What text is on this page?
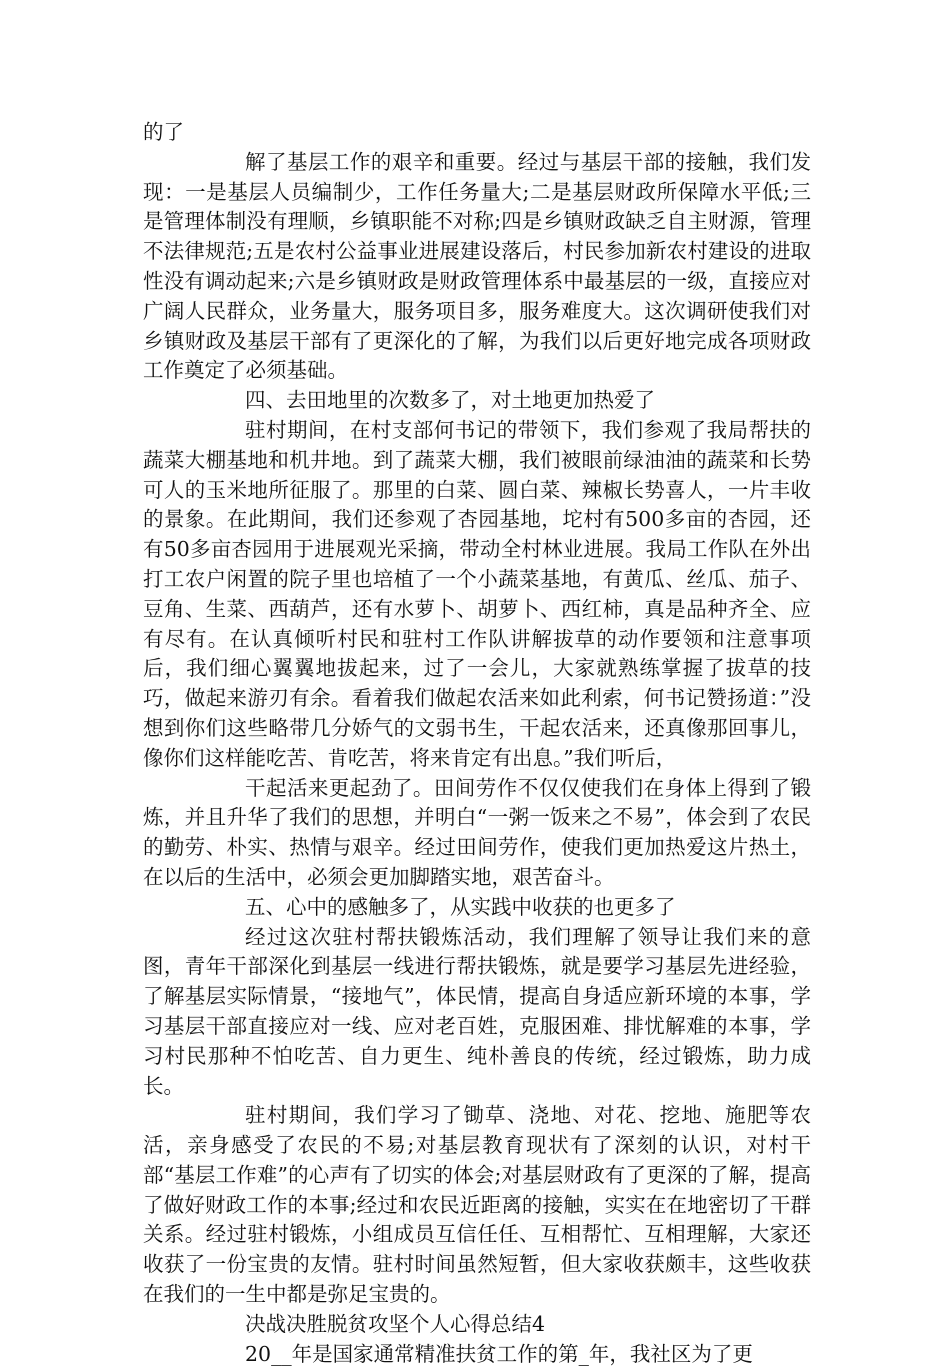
的了

解了基层工作的艰辛和重要。经过与基层干部的接触，我们发现：一是基层人员编制少，工作任务量大;二是基层财政所保障水平低;三是管理体制没有理顺，乡镇职能不对称;四是乡镇财政缺乏自主财源，管理不法律规范;五是农村公益事业进展建设落后，村民参加新农村建设的进取性没有调动起来;六是乡镇财政是财政管理体系中最基层的一级，直接应对广阔人民群众，业务量大，服务项目多，服务难度大。这次调研使我们对乡镇财政及基层干部有了更深化的了解，为我们以后更好地完成各项财政工作奠定了必须基础。

四、去田地里的次数多了，对土地更加热爱了

驻村期间，在村支部何书记的带领下，我们参观了我局帮扶的蔬菜大棚基地和机井地。到了蔬菜大棚，我们被眼前绿油油的蔬菜和长势可人的玉米地所征服了。那里的白菜、圆白菜、辣椒长势喜人，一片丰收的景象。在此期间，我们还参观了杏园基地，坨村有500多亩的杏园，还有50多亩杏园用于进展观光采摘，带动全村林业进展。我局工作队在外出打工农户闲置的院子里也培植了一个小蔬菜基地，有黄瓜、丝瓜、茄子、豆角、生菜、西葫芦，还有水萝卜、胡萝卜、西红柿，真是品种齐全、应有尽有。在认真倾听村民和驻村工作队讲解拔草的动作要领和注意事项后，我们细心翼翼地拔起来，过了一会儿，大家就熟练掌握了拔草的技巧，做起来游刃有余。看着我们做起农活来如此利索，何书记赞扬道：”没想到你们这些略带几分娇气的文弱书生，干起农活来，还真像那回事儿，像你们这样能吃苦、肯吃苦，将来肯定有出息。”我们听后，

干起活来更起劲了。田间劳作不仅仅使我们在身体上得到了锻炼，并且升华了我们的思想，并明白“一粥一饭来之不易”，体会到了农民的勤劳、朴实、热情与艰辛。经过田间劳作，使我们更加热爱这片热土，在以后的生活中，必须会更加脚踏实地，艰苦奋斗。

五、心中的感触多了，从实践中收获的也更多了

经过这次驻村帮扶锻炼活动，我们理解了领导让我们来的意图，青年干部深化到基层一线进行帮扶锻炼，就是要学习基层先进经验，了解基层实际情景，“接地气”，体民情，提高自身适应新环境的本事，学习基层干部直接应对一线、应对老百姓，克服困难、排忧解难的本事，学习村民那种不怕吃苦、自力更生、纯朴善良的传统，经过锻炼，助力成长。

驻村期间，我们学习了锄草、浇地、对花、挖地、施肥等农活，亲身感受了农民的不易;对基层教育现状有了深刻的认识，对村干部“基层工作难”的心声有了切实的体会;对基层财政有了更深的了解，提高了做好财政工作的本事;经过和农民近距离的接触，实实在在地密切了干群关系。经过驻村锻炼，小组成员互信任任、互相帮忙、互相理解，大家还收获了一份宝贵的友情。驻村时间虽然短暂，但大家收获颇丰，这些收获在我们的一生中都是弥足宝贵的。

决战决胜脱贫攻坚个人心得总结4

20__年是国家通常精准扶贫工作的第_年，我社区为了更
